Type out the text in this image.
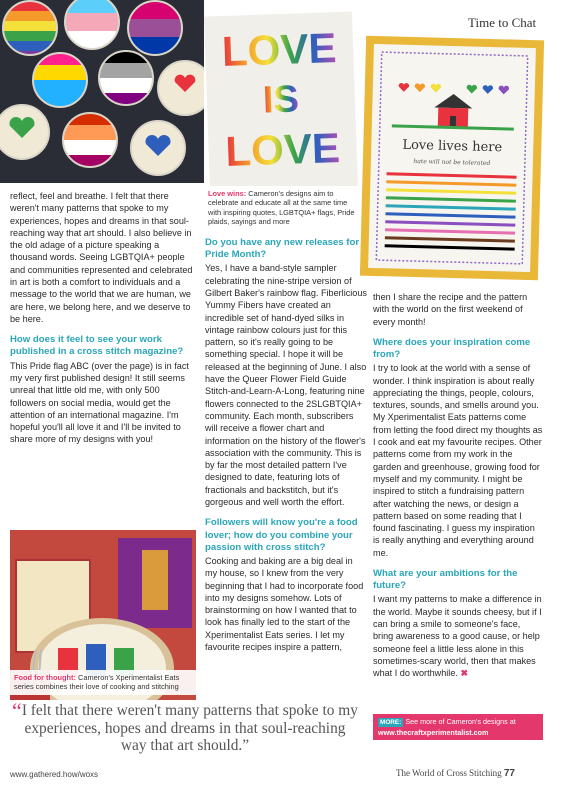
Time to Chat
LOVE
IS
LOVE
Love wins: Cameron's designs aim to celebrate and educate all at the same time with inspiring quotes, LGBTQIA+ flags, Pride plaids, sayings and more
Love lives here
hate will not be tolerated

reflect, feel and breathe. I felt that there weren't many patterns that spoke to my experiences, hopes and dreams in that soul-reaching way that art should. I also believe in the old adage of a picture speaking a thousand words. Seeing LGBTQIA+ people and communities represented and celebrated in art is both a comfort to individuals and a message to the world that we are human, we are here, we belong here, and we deserve to be here.

How does it feel to see your work published in a cross stitch magazine?

This Pride flag ABC (over the page) is in fact my very first published design! It still seems unreal that little old me, with only 500 followers on social media, would get the attention of an international magazine. I'm hopeful you'll all love it and I'll be invited to share more of my designs with you!

Food for thought: Cameron's Xperimentalist Eats series combines their love of cooking and stitching
Do you have any new releases for Pride Month?

Yes, I have a band-style sampler celebrating the nine-stripe version of Gilbert Baker's rainbow flag. Fiberlicious Yummy Fibers have created an incredible set of hand-dyed silks in vintage rainbow colours just for this pattern, so it's really going to be something special. I hope it will be released at the beginning of June. I also have the Queer Flower Field Guide Stitch-and-Learn-A-Long, featuring nine flowers connected to the 2SLGBTQIA+ community. Each month, subscribers will receive a flower chart and information on the history of the flower's association with the community. This is by far the most detailed pattern I've designed to date, featuring lots of fractionals and backstitch, but it's gorgeous and well worth the effort.

Followers will know you're a food lover; how do you combine your passion with cross stitch?

Cooking and baking are a big deal in my house, so I knew from the very beginning that I had to incorporate food into my designs somehow. Lots of brainstorming on how I wanted that to look has finally led to the start of the Xperimentalist Eats series. I let my favourite recipes inspire a pattern,

then I share the recipe and the pattern with the world on the first weekend of every month!

Where does your inspiration come from?

I try to look at the world with a sense of wonder. I think inspiration is about really appreciating the things, people, colours, textures, sounds, and smells around you. My Xperimentalist Eats patterns come from letting the food direct my thoughts as I cook and eat my favourite recipes. Other patterns come from my work in the garden and greenhouse, growing food for myself and my community. I might be inspired to stitch a fundraising pattern after watching the news, or design a pattern based on some reading that I found fascinating. I guess my inspiration is really anything and everything around me.

What are your ambitions for the future?

I want my patterns to make a difference in the world. Maybe it sounds cheesy, but if I can bring a smile to someone's face, bring awareness to a good cause, or help someone feel a little less alone in this sometimes-scary world, then that makes what I do worthwhile. ✖

“I felt that there weren't many patterns that spoke to my experiences, hopes and dreams in that soul-reaching way that art should.”
MORE: See more of Cameron's designs at
www.thecraftxperimentalist.com
www.gathered.how/woxs	The World of Cross Stitching 77
